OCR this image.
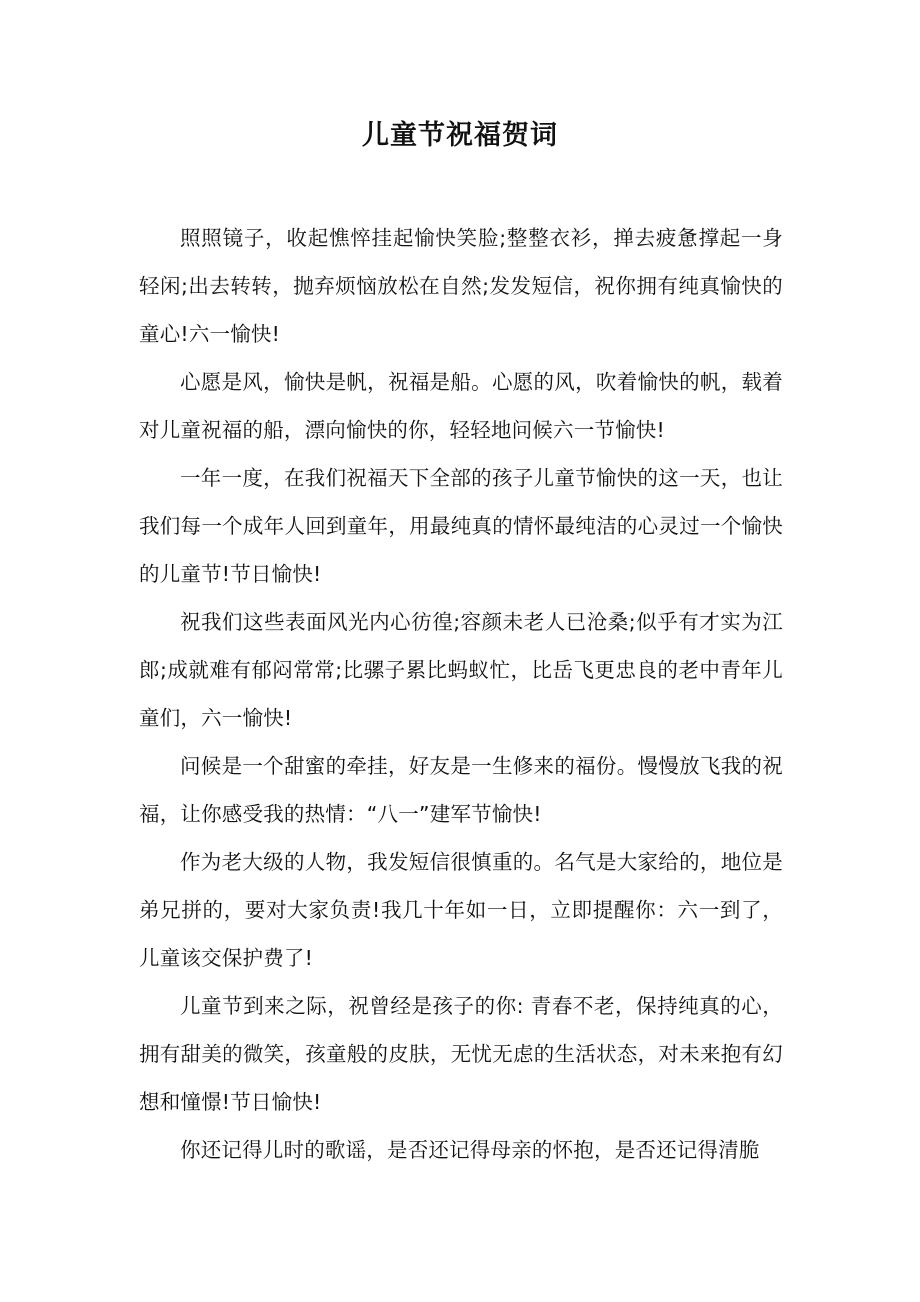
儿童节祝福贺词

照照镜子，收起憔悴挂起愉快笑脸;整整衣衫，掸去疲惫撑起一身轻闲;出去转转，抛弃烦恼放松在自然;发发短信，祝你拥有纯真愉快的童心!六一愉快!

心愿是风，愉快是帆，祝福是船。心愿的风，吹着愉快的帆，载着对儿童祝福的船，漂向愉快的你，轻轻地问候六一节愉快!

一年一度，在我们祝福天下全部的孩子儿童节愉快的这一天，也让我们每一个成年人回到童年，用最纯真的情怀最纯洁的心灵过一个愉快的儿童节!节日愉快!

祝我们这些表面风光内心彷徨;容颜未老人已沧桑;似乎有才实为江郎;成就难有郁闷常常;比骡子累比蚂蚁忙，比岳飞更忠良的老中青年儿童们，六一愉快!

问候是一个甜蜜的牵挂，好友是一生修来的福份。慢慢放飞我的祝福，让你感受我的热情：“八一”建军节愉快!

作为老大级的人物，我发短信很慎重的。名气是大家给的，地位是弟兄拼的，要对大家负责!我几十年如一日，立即提醒你：六一到了，儿童该交保护费了!

儿童节到来之际，祝曾经是孩子的你: 青春不老，保持纯真的心，拥有甜美的微笑，孩童般的皮肤，无忧无虑的生活状态，对未来抱有幻想和憧憬!节日愉快!

你还记得儿时的歌谣，是否还记得母亲的怀抱，是否还记得清脆
